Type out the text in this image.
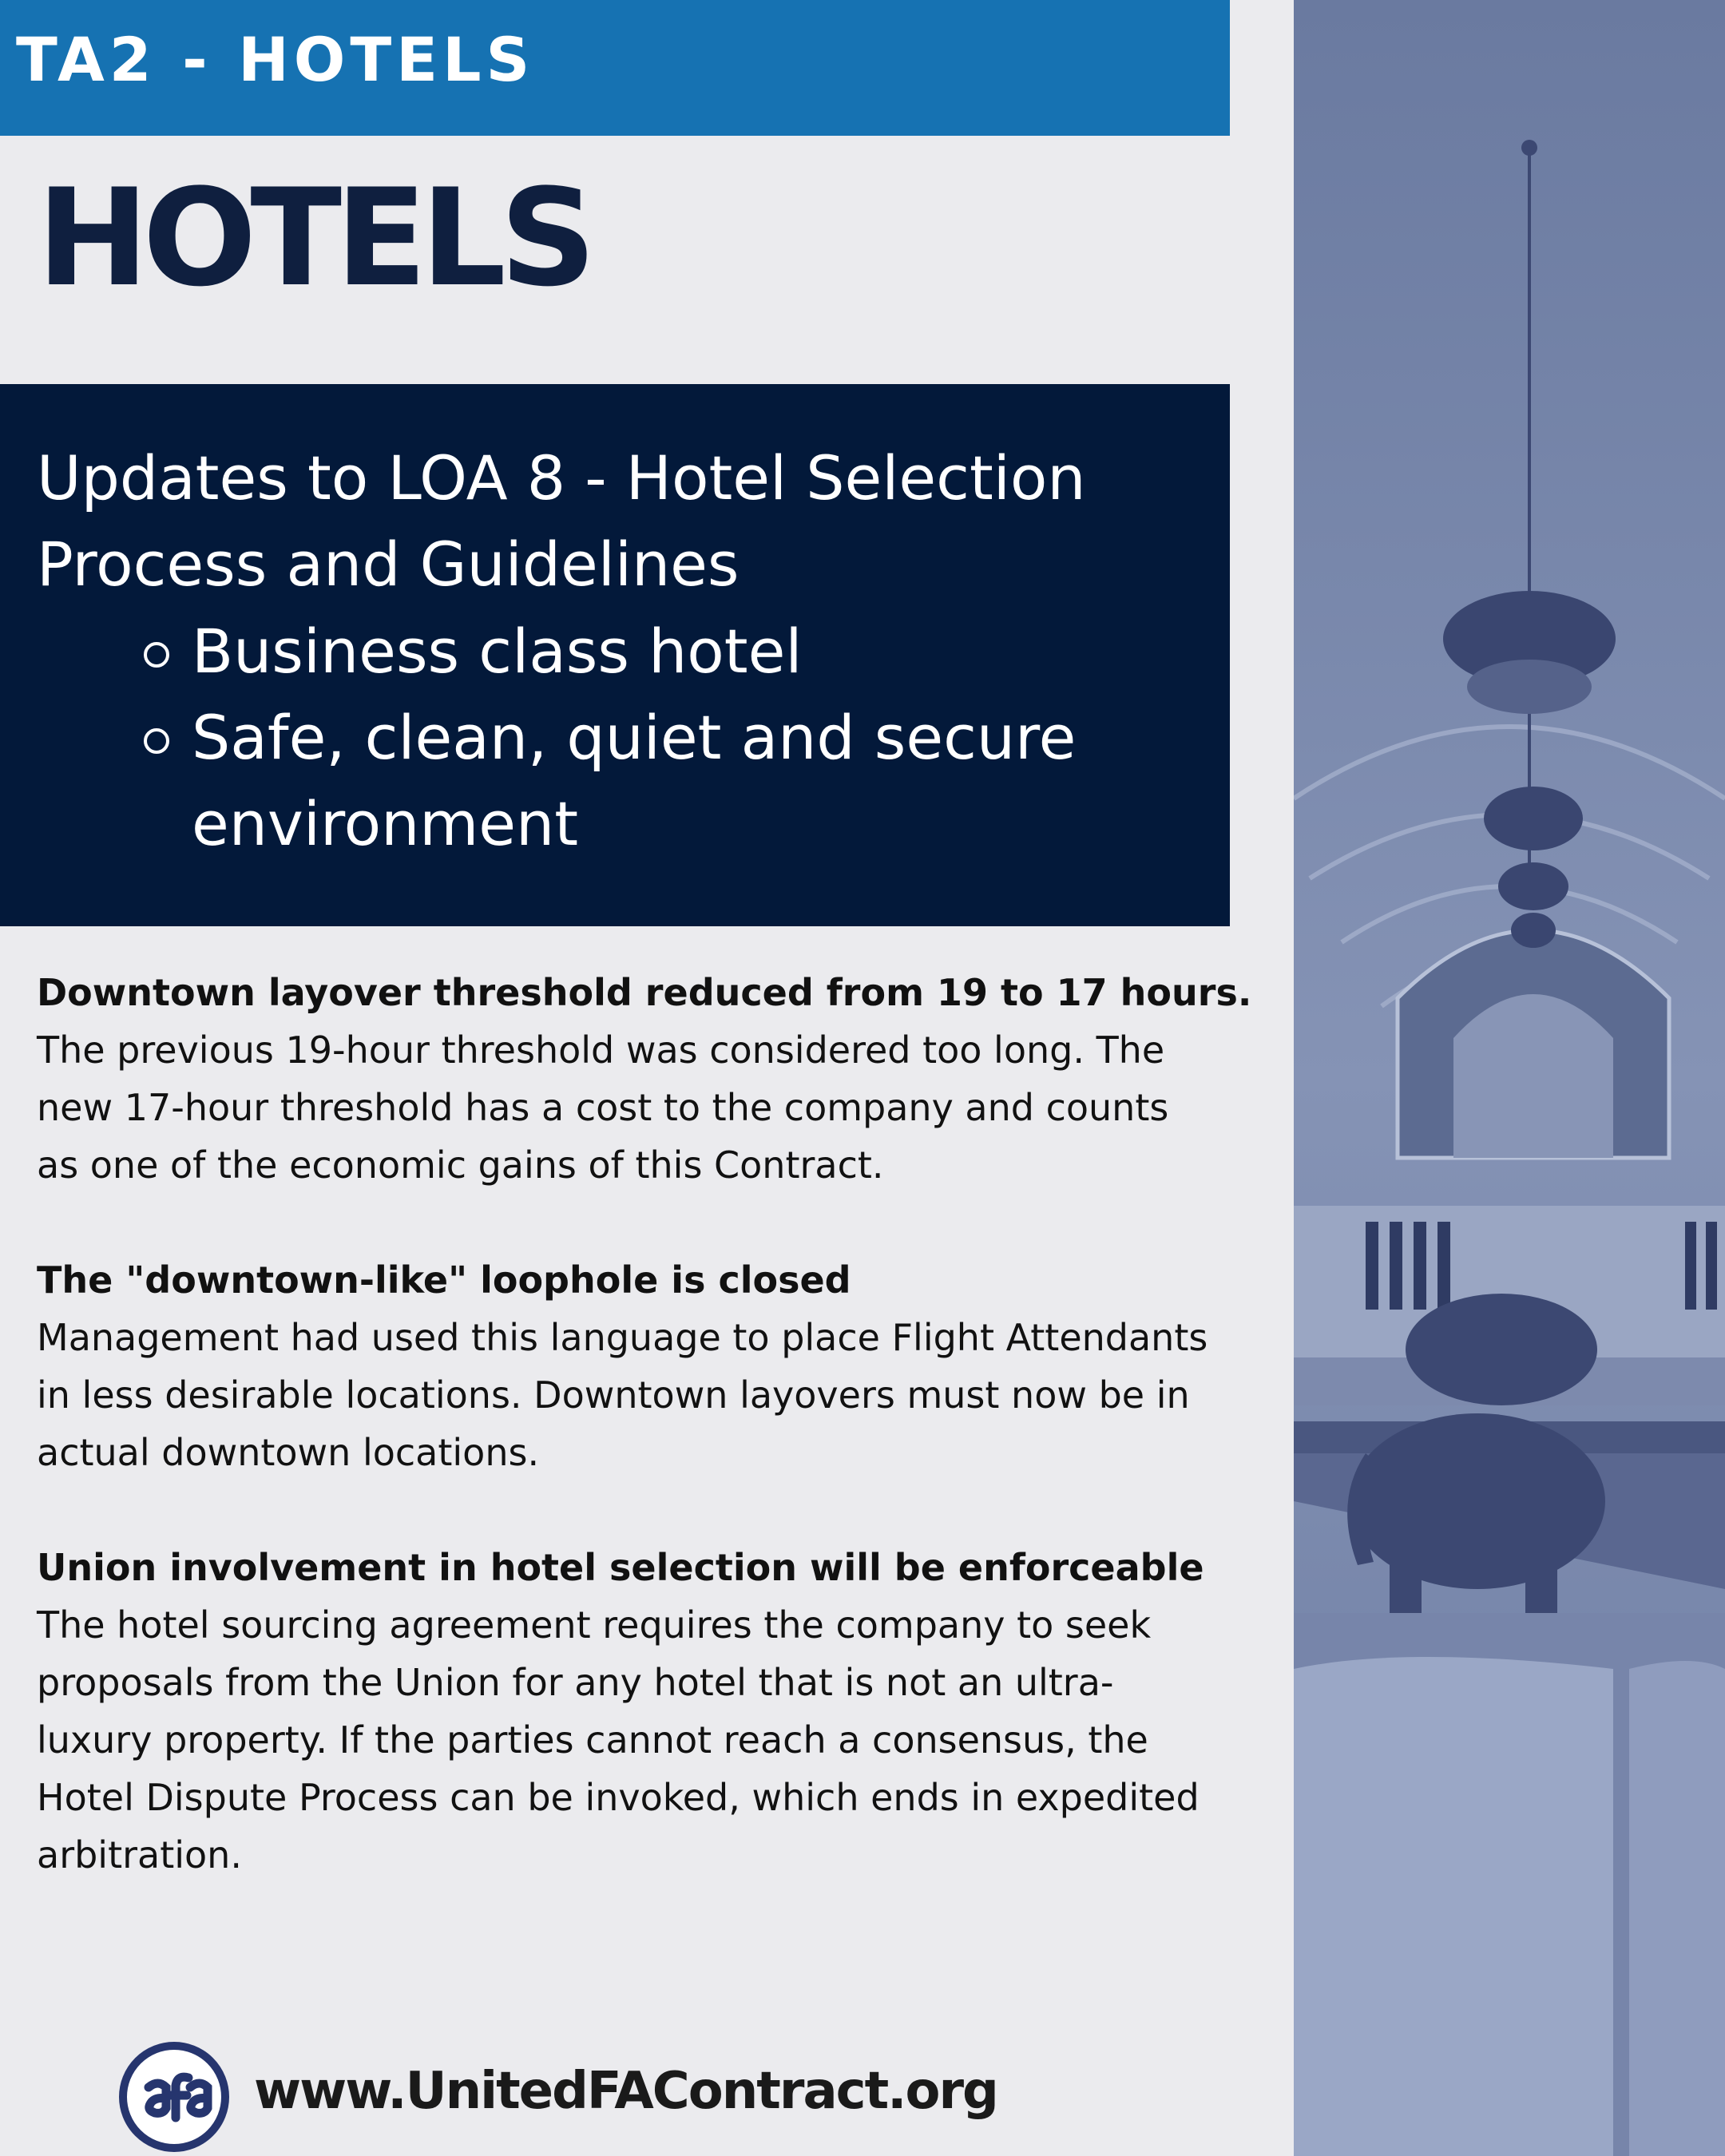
TA2 - HOTELS
HOTELS
Updates to LOA 8 - Hotel Selection Process and Guidelines
Business class hotel
Safe, clean, quiet and secure environment
Downtown layover threshold reduced from 19 to 17 hours.
The previous 19-hour threshold was considered too long. The new 17-hour threshold has a cost to the company and counts as one of the economic gains of this Contract.
The "downtown-like" loophole is closed
Management had used this language to place Flight Attendants in less desirable locations. Downtown layovers must now be in actual downtown locations.
Union involvement in hotel selection will be enforceable
The hotel sourcing agreement requires the company to seek proposals from the Union for any hotel that is not an ultra-luxury property. If the parties cannot reach a consensus, the Hotel Dispute Process can be invoked, which ends in expedited arbitration.
www.UnitedFAContract.org
